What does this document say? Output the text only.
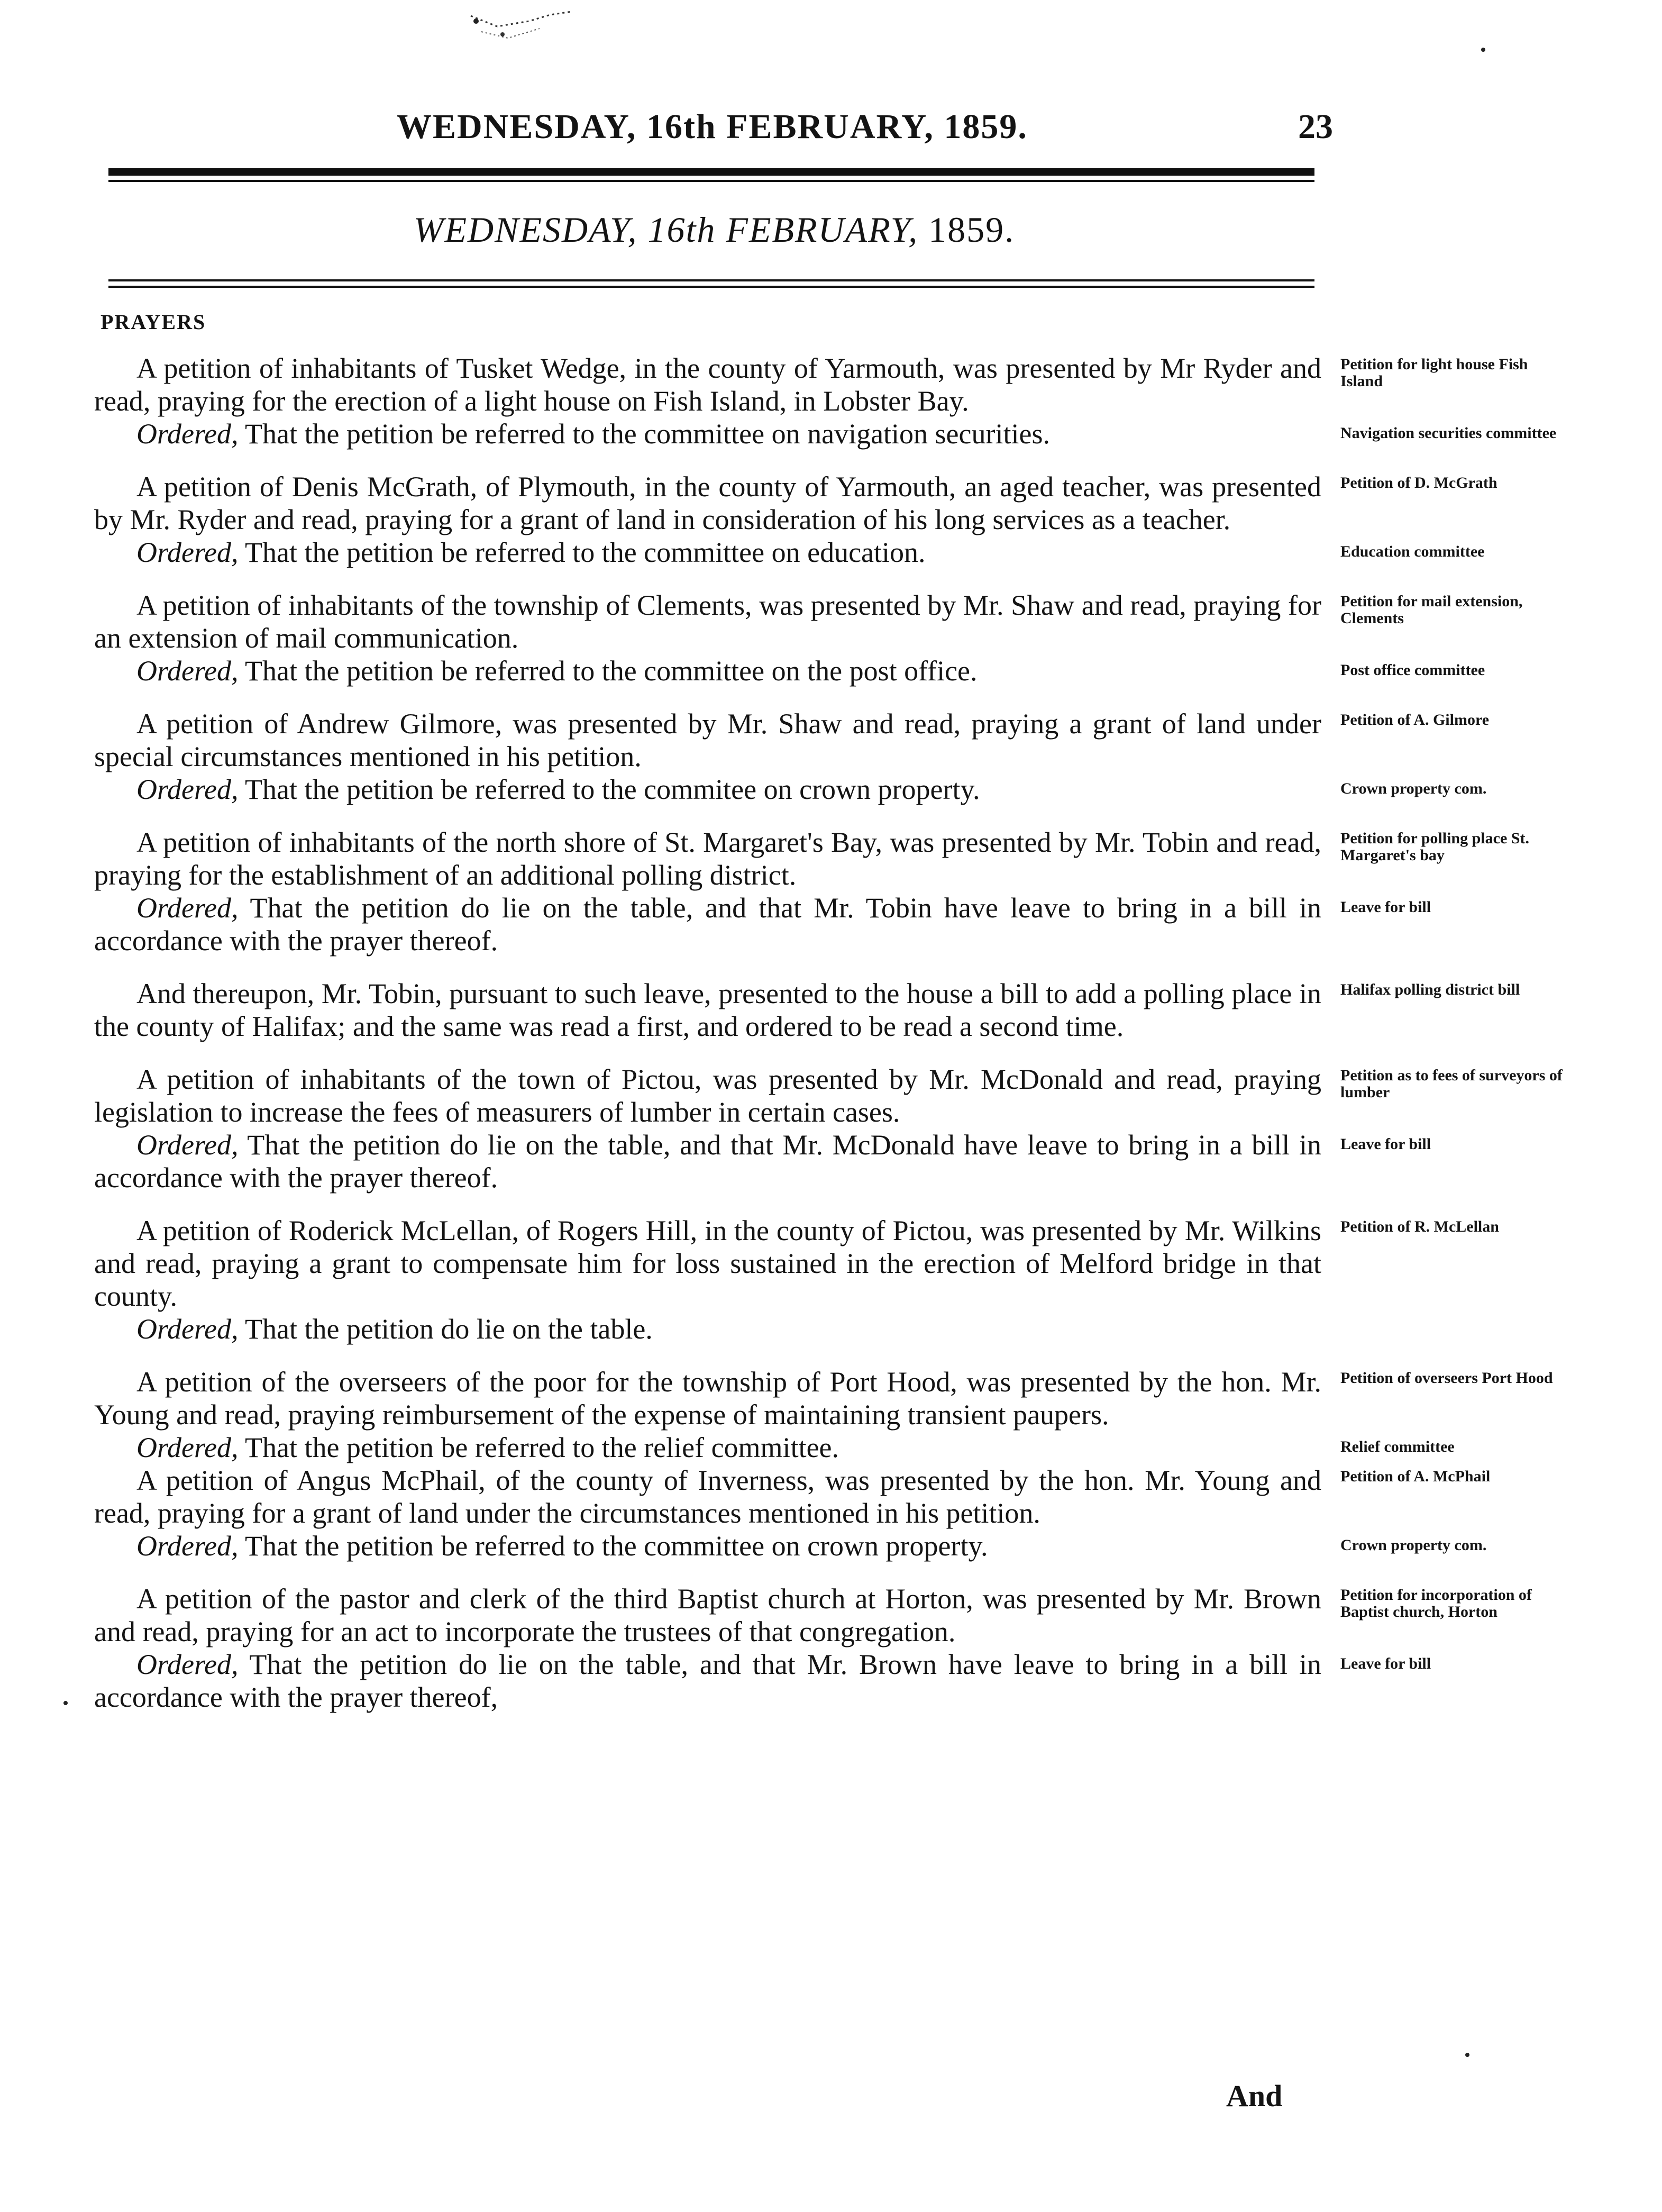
WEDNESDAY, 16th FEBRUARY, 1859.	23
WEDNESDAY, 16th FEBRUARY, 1859.
PRAYERS

A petition of inhabitants of Tusket Wedge, in the county of Yarmouth, was presented by Mr Ryder and read, praying for the erection of a light house on Fish Island, in Lobster Bay.

Petition for light house Fish Island

Ordered, That the petition be referred to the committee on navigation securities.	Navigation securities committee

A petition of Denis McGrath, of Plymouth, in the county of Yarmouth, an aged teacher, was presented by Mr. Ryder and read, praying for a grant of land in consideration of his long services as a teacher.

Petition of D. McGrath

Ordered, That the petition be referred to the committee on education.	Education committee

A petition of inhabitants of the township of Clements, was presented by Mr. Shaw and read, praying for an extension of mail communication.

Petition for mail extension, Clements

Ordered, That the petition be referred to the committee on the post office.	Post office committee

A petition of Andrew Gilmore, was presented by Mr. Shaw and read, praying a grant of land under special circumstances mentioned in his petition.

Petition of A. Gilmore

Ordered, That the petition be referred to the commitee on crown property.	Crown property com.

A petition of inhabitants of the north shore of St. Margaret's Bay, was presented by Mr. Tobin and read, praying for the establishment of an additional polling district.

Petition for polling place St. Margaret's bay

Ordered, That the petition do lie on the table, and that Mr. Tobin have leave to bring in a bill in accordance with the prayer thereof.

Leave for bill

And thereupon, Mr. Tobin, pursuant to such leave, presented to the house a bill to add a polling place in the county of Halifax; and the same was read a first, and ordered to be read a second time.

Halifax polling district bill

A petition of inhabitants of the town of Pictou, was presented by Mr. McDonald and read, praying legislation to increase the fees of measurers of lumber in certain cases.

Petition as to fees of surveyors of lumber

Ordered, That the petition do lie on the table, and that Mr. McDonald have leave to bring in a bill in accordance with the prayer thereof.

Leave for bill

A petition of Roderick McLellan, of Rogers Hill, in the county of Pictou, was presented by Mr. Wilkins and read, praying a grant to compensate him for loss sustained in the erection of Melford bridge in that county.

Petition of R. McLellan

Ordered, That the petition do lie on the table.

A petition of the overseers of the poor for the township of Port Hood, was presented by the hon. Mr. Young and read, praying reimbursement of the expense of maintaining transient paupers.

Petition of overseers Port Hood

Ordered, That the petition be referred to the relief committee.	Relief committee

A petition of Angus McPhail, of the county of Inverness, was presented by the hon. Mr. Young and read, praying for a grant of land under the circumstances mentioned in his petition.

Petition of A. McPhail

Ordered, That the petition be referred to the committee on crown property.	Crown property com.

A petition of the pastor and clerk of the third Baptist church at Horton, was presented by Mr. Brown and read, praying for an act to incorporate the trustees of that congregation.

Petition for incorporation of Baptist church, Horton

Ordered, That the petition do lie on the table, and that Mr. Brown have leave to bring in a bill in accordance with the prayer thereof,

Leave for bill
And
